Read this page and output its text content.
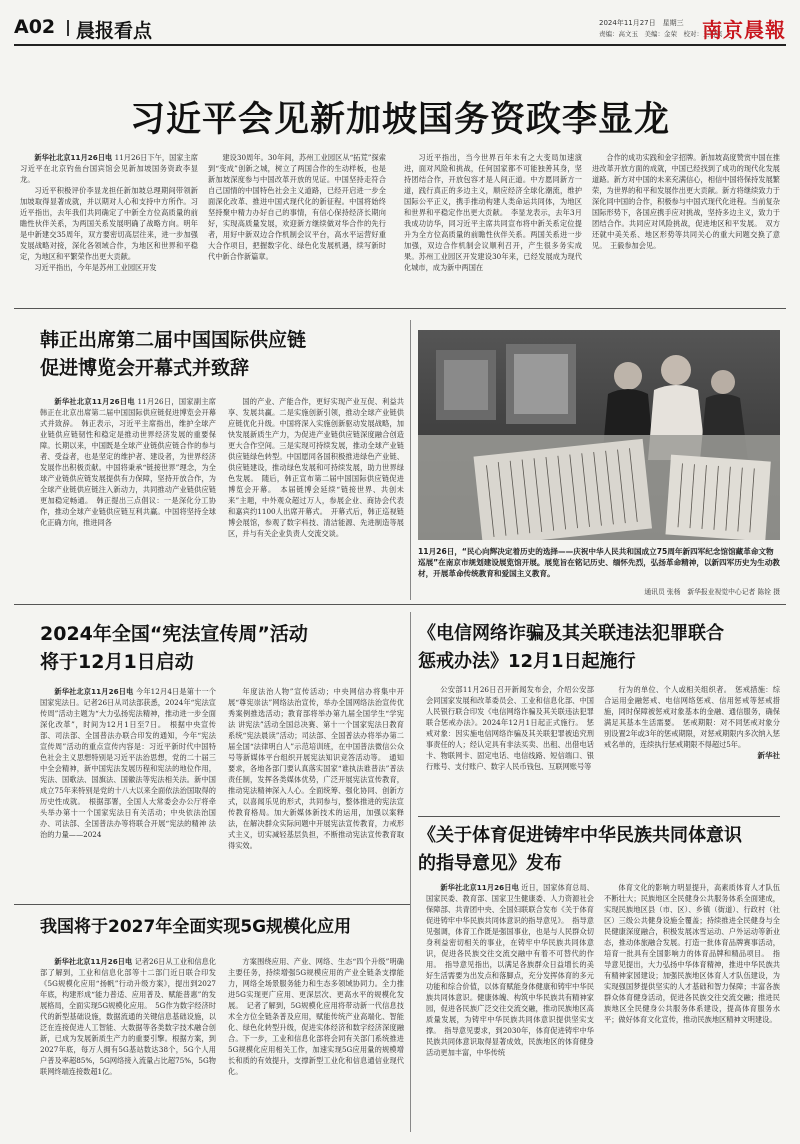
A02 晨报看点	2024年11月27日　星期三
责编：高文玉　美编：金荣　校对：王宏宾
南京晨報
习近平会见新加坡国务资政李显龙

新华社北京11月26日电 11月26日下午，国家主席习近平在北京钓鱼台国宾馆会见新加坡国务资政李显龙。

习近平积极评价李显龙担任新加坡总理期间带领新加坡取得显著成就，并以期对人心和支持中方所作。习近平指出，去年我们共同确定了中新全方位高质量的前瞻性伙伴关系，为两国关系发展明确了战略方向。明年是中新建交35周年，双方要密切高层往来，进一步加强发展战略对接，深化各领域合作，为地区和世界和平稳定，为地区和平繁荣作出更大贡献。

习近平指出，今年是苏州工业园区开发

建设30周年。30年间，苏州工业园区从“拓荒”探索到“变成”创新之城，树立了两国合作的生动样板，也是新加坡深度参与中国改革开放的见证。中国坚持走符合自己国情的中国特色社会主义道路，已经开启进一步全面深化改革、推进中国式现代化的新征程。中国将始终坚持聚中精力办好自己的事情，有信心保持经济长期向好，实现高质量发展，欢迎新方继续做对华合作的先行者，用好中新双边合作机制会议平台，高水平运营好重大合作项目，把握数字化、绿色化发展机遇，续写新时代中新合作新篇章。

习近平指出，当今世界百年未有之大变局加速演进，面对风险和挑战，任何国家都不可能独善其身，坚持团结合作，开放包容才是人间正道。中方愿同新方一道，践行真正的多边主义，顺应经济全球化潮流，维护国际公平正义，携手推动构建人类命运共同体，为地区和世界和平稳定作出更大贡献。　李显龙表示，去年3月我成功访华，同习近平主席共同宣布将中新关系定位提升为全方位高质量的前瞻性伙伴关系。两国关系进一步加强，双边合作机制会议顺利召开，产生很多务实成果。苏州工业园区开发建设30年来，已经发展成为现代化城市，成为新中两国在

合作的成功实践和金字招牌。新加坡高度赞赏中国在推进改革开放方面的成就，中国已经找到了成功的现代化发展道路。新方对中国的未来充满信心，相信中国将保持发展繁荣，为世界的和平和发展作出更大贡献。新方将继续致力于深化同中国的合作，积极参与中国式现代化进程。当前复杂国际形势下，各国应携手应对挑战，坚持多边主义，致力于团结合作。共同应对风险挑战，促进地区和平发展。　双方还就中美关系、地区形势等共同关心的重大问题交换了意见。　王毅参加会见。

韩正出席第二届中国国际供应链
促进博览会开幕式并致辞

新华社北京11月26日电 11月26日，国家副主席韩正在北京出席第二届中国国际供应链促进博览会开幕式并致辞。　韩正表示，习近平主席指出，维护全球产业链供应链韧性和稳定是推动世界经济发展的重要保障。长期以来，中国既是全球产业链供应链合作的参与者、受益者，也是坚定的维护者、建设者，为世界经济发展作出积极贡献。中国将秉承“链接世界”理念，为全球产业链供应链发展提供有力保障，坚持开放合作，为全球产业链供应链注入新动力，共同推动产业链供应链更加稳定畅通。　韩正提出三点倡议：一是深化分工协作，推动全球产业链供应链互利共赢。中国将坚持全球化正确方向，推进同各

国的产业、产能合作，更好实现产业互促、利益共享、发展共赢。二是实施创新引领，推动全球产业链供应链优化升级。中国将深入实施创新驱动发展战略，加快发展新质生产力，为促进产业链供应链深度融合创造更大合作空间。三是实现可持续发展，推动全球产业链供应链绿色转型。中国愿同各国积极推进绿色产业链、供应链建设，推动绿色发展和可持续发展，助力世界绿色发展。　随后，韩正宣布第二届中国国际供应链促进博览会开幕。　本届链博会延续“链接世界、共创未来”主题，中外观众超过万人，参展企业、商协会代表和嘉宾约1100人出席开幕式。　开幕式后，韩正巡视链博会展馆，参观了数字科技、清洁能源、先进制造等展区，并与有关企业负责人交流交谈。

11月26日，“民心向辉决定着历史的选择——庆祝中华人民共和国成立75周年新四军纪念馆馆藏革命文物巡展”在南京市规划建设展览馆开展。展览旨在铭记历史、缅怀先烈，弘扬革命精神，以新四军历史为生动教材，开展革命传统教育和爱国主义教育。
通讯员 张杨　新华报业视觉中心记者 陈铨 摄
2024年全国“宪法宣传周”活动
将于12月1日启动

新华社北京11月26日电 今年12月4日是第十一个国家宪法日。记者26日从司法部获悉，2024年“宪法宣传周”活动主题为“大力弘扬宪法精神，推动进一步全面深化改革”，时间为12月1日至7日。　根据中央宣传部、司法部、全国普法办联合印发的通知，今年“宪法宣传周”活动的重点宣传内容是：习近平新时代中国特色社会主义思想特别是习近平法治思想，党的二十届三中全会精神，新中国宪法发展历程和宪法的地位作用，宪法、国歌法、国旗法、国徽法等宪法相关法。新中国成立75年来特别是党的十八大以来全面依法治国取得的历史性成就。　根据部署，全国人大常委会办公厅将牵头举办第十一个国家宪法日有关活动；中央依法治国办、司法部、全国普法办等将联合开展“宪法的精神 法治的力量——2024

年度法治人物”宣传活动；中央网信办将集中开展“尊宪崇法”网络法治宣传，举办全国网络法治宣传优秀案例推选活动；教育部将举办第九届全国学生“学宪法 讲宪法”活动全国总决赛、第十一个国家宪法日教育系统“宪法晨读”活动；司法部、全国普法办将举办第二届全国“法律明白人”示范培训班，在中国普法微信公众号等新媒体平台组织开展宪法知识竞答活动等。　通知要求，各地各部门要认真落实国家“谁执法谁普法”普法责任制，发挥各类媒体优势，广泛开展宪法宣传教育，推动宪法精神深入人心。全面统筹、强化协同、创新方式，以喜闻乐见的形式，共同参与，整体推进的宪法宣传教育格局。加大新媒体新技术的运用，加强以案释法，在解决群众实际问题中开展宪法宣传教育，力戒形式主义，切实减轻基层负担，不断推动宪法宣传教育取得实效。

《电信网络诈骗及其关联违法犯罪联合
惩戒办法》12月1日起施行

公安部11月26日召开新闻发布会，介绍公安部会同国家发展和改革委员会、工业和信息化部、中国人民银行联合印发《电信网络诈骗及其关联违法犯罪联合惩戒办法》。2024年12月1日起正式施行。　惩戒对象：因实施电信网络诈骗及其关联犯罪被追究刑事责任的人；经认定具有非法买卖、出租、出借电话卡、物联网卡、固定电话、电信线路、短信端口、银行账号、支付账户、数字人民币钱包、互联网账号等

行为的单位、个人或相关组织者。　惩戒措施：综合运用金融惩戒、电信网络惩戒、信用惩戒等惩戒措施，同时保障被惩戒对象基本的金融、通信服务，确保满足其基本生活需要。　惩戒期限：对不同惩戒对象分别设置2年或3年的惩戒期限，对惩戒期限内多次纳入惩戒名单的，连续执行惩戒期限不得超过5年。

新华社
《关于体育促进铸牢中华民族共同体意识
的指导意见》发布

新华社北京11月26日电 近日，国家体育总局、国家民委、教育部、国家卫生健康委、人力资源社会保障部、共青团中央、全国妇联联合发布《关于体育促进铸牢中华民族共同体意识的指导意见》。　指导意见强调，体育工作既是强国事业，也是与人民群众切身利益密切相关的事业，在铸牢中华民族共同体意识，促进各民族交往交流交融中有着不可替代的作用。　指导意见指出，以满足各族群众日益增长的美好生活需要为出发点和落脚点，充分发挥体育的多元功能和综合价值，以体育赋能身体健康和铸牢中华民族共同体意识。健康体魄、构筑中华民族共有精神家园，促进各民族广泛交往交流交融，推动民族地区高质量发展，为铸牢中华民族共同体意识提供坚实支撑。　指导意见要求，到2030年，体育促进铸牢中华民族共同体意识取得显著成效，民族地区的体育健身活动更加丰富，中华传统

体育文化的影响力明显提升，高素质体育人才队伍不断壮大；民族地区全民健身公共服务体系全面建成，实现民族地区县（市、区）、乡镇（街道）、行政村（社区）三级公共健身设施全覆盖；持续推进全民健身与全民健康深度融合，积极发展冰雪运动、户外运动等新业态，推动体旅融合发展。打造一批体育品牌赛事活动，培育一批具有全国影响力的体育品牌和精品项目。　指导意见提出，大力弘扬中华体育精神，推进中华民族共有精神家园建设；加强民族地区体育人才队伍建设，为实现强国梦提供坚实的人才基础和智力保障；丰富各族群众体育健身活动，促进各民族交往交流交融；推进民族地区全民健身公共服务体系建设，提高体育服务水平；做好体育文化宣传，推动民族地区精神文明建设。

我国将于2027年全面实现5G规模化应用

新华社北京11月26日电 记者26日从工业和信息化部了解到，工业和信息化部等十二部门近日联合印发《5G规模化应用“扬帆”行动升级方案》，提出到2027年底，构建形成“能力普适、应用普及、赋能普惠”的发展格局，全面实现5G规模化应用。　5G作为数字经济时代的新型基础设施，数据流通的关键信息基础设施，以泛在连接促进人工智能、大数据等各类数字技术融合创新，已成为发展新质生产力的重要引擎。根据方案，到2027年底，每万人拥有5G基站数达38个，5G个人用户普及率超85%，5G网络接入流量占比超75%，5G物联网终端连接数超1亿。

方案围绕应用、产业、网络、生态“四个升级”明确主要任务，持续增强5G规模应用的产业全链条支撑能力，网络全场景服务能力和生态多领域协同力。全力推进5G实现更广应用、更深层次、更高水平的规模化发展。　记者了解到，5G规模化应用将带动新一代信息技术全方位全链条普及应用，赋能传统产业高端化、智能化、绿色化转型升级，促进实体经济和数字经济深度融合。下一步，工业和信息化部将会同有关部门系统推进5G规模化应用相关工作，加速实现5G应用量的规模增长和质的有效提升，支撑新型工业化和信息通信业现代化。
